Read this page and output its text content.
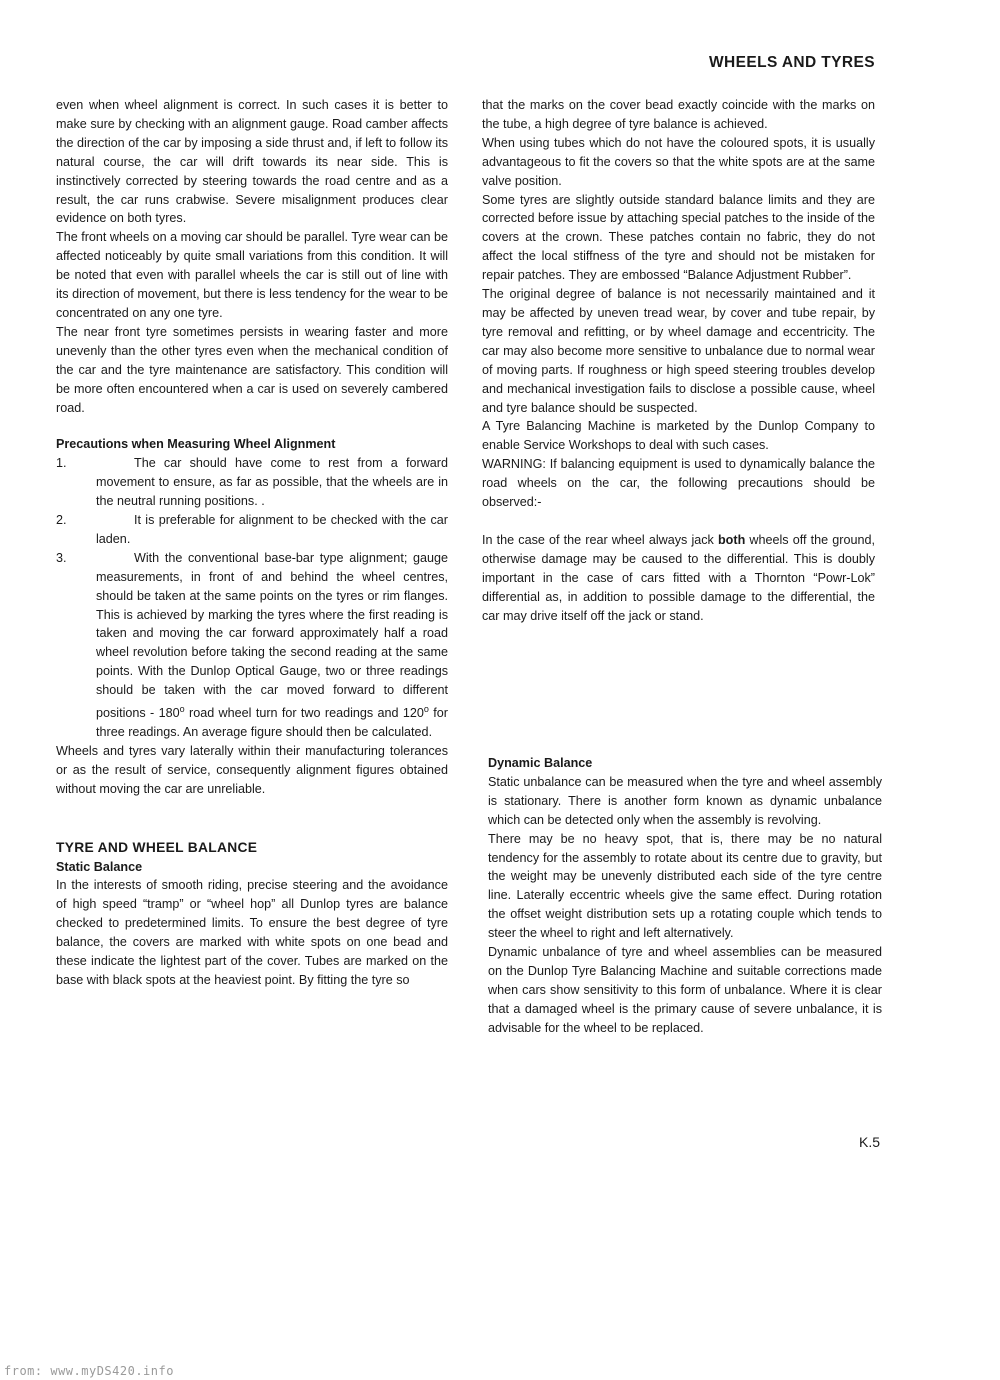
WHEELS AND TYRES

even when wheel alignment is correct. In such cases it is better to make sure by checking with an alignment gauge. Road camber affects the direction of the car by imposing a side thrust and, if left to follow its natural course, the car will drift towards its near side. This is instinctively corrected by steering towards the road centre and as a result, the car runs crabwise. Severe misalignment produces clear evidence on both tyres.

The front wheels on a moving car should be parallel. Tyre wear can be affected noticeably by quite small variations from this condition. It will be noted that even with parallel wheels the car is still out of line with its direction of movement, but there is less tendency for the wear to be concentrated on any one tyre.

The near front tyre sometimes persists in wearing faster and more unevenly than the other tyres even when the mechanical condition of the car and the tyre maintenance are satisfactory. This condition will be more often encountered when a car is used on severely cambered road.

Precautions when Measuring Wheel Alignment
1.	The car should have come to rest from a forward movement to ensure, as far as possible, that the wheels are in the neutral running positions. .
2.	It is preferable for alignment to be checked with the car laden.
3.	With the conventional base-bar type alignment; gauge measurements, in front of and behind the wheel centres, should be taken at the same points on the tyres or rim flanges. This is achieved by marking the tyres where the first reading is taken and moving the car forward approximately half a road wheel revolution before taking the second reading at the same points. With the Dunlop Optical Gauge, two or three readings should be taken with the car moved forward to different positions - 180$^o$ road wheel turn for two readings and 120$^o$ for three readings. An average figure should then be calculated.

Wheels and tyres vary laterally within their manufacturing tolerances or as the result of service, consequently alignment figures obtained without moving the car are unreliable.

TYRE AND WHEEL BALANCE
Static Balance

In the interests of smooth riding, precise steering and the avoidance of high speed “tramp” or “wheel hop” all Dunlop tyres are balance checked to predetermined limits. To ensure the best degree of tyre balance, the covers are marked with white spots on one bead and these indicate the lightest part of the cover. Tubes are marked on the base with black spots at the heaviest point. By fitting the tyre so

that the marks on the cover bead exactly coincide with the marks on the tube, a high degree of tyre balance is achieved.

When using tubes which do not have the coloured spots, it is usually advantageous to fit the covers so that the white spots are at the same valve position.

Some tyres are slightly outside standard balance limits and they are corrected before issue by attaching special patches to the inside of the covers at the crown. These patches contain no fabric, they do not affect the local stiffness of the tyre and should not be mistaken for repair patches. They are embossed “Balance Adjustment Rubber”.

The original degree of balance is not necessarily maintained and it may be affected by uneven tread wear, by cover and tube repair, by tyre removal and refitting, or by wheel damage and eccentricity. The car may also become more sensitive to unbalance due to normal wear of moving parts. If roughness or high speed steering troubles develop and mechanical investigation fails to disclose a possible cause, wheel and tyre balance should be suspected.

A Tyre Balancing Machine is marketed by the Dunlop Company to enable Service Workshops to deal with such cases.

WARNING: If balancing equipment is used to dynamically balance the road wheels on the car, the following precautions should be observed:-

In the case of the rear wheel always jack both wheels off the ground, otherwise damage may be caused to the differential. This is doubly important in the case of cars fitted with a Thornton “Powr-Lok” differential as, in addition to possible damage to the differential, the car may drive itself off the jack or stand.

Dynamic Balance

Static unbalance can be measured when the tyre and wheel assembly is stationary. There is another form known as dynamic unbalance which can be detected only when the assembly is revolving.

There may be no heavy spot, that is, there may be no natural tendency for the assembly to rotate about its centre due to gravity, but the weight may be unevenly distributed each side of the tyre centre line. Laterally eccentric wheels give the same effect. During rotation the offset weight distribution sets up a rotating couple which tends to steer the wheel to right and left alternatively.

Dynamic unbalance of tyre and wheel assemblies can be measured on the Dunlop Tyre Balancing Machine and suitable corrections made when cars show sensitivity to this form of unbalance. Where it is clear that a damaged wheel is the primary cause of severe unbalance, it is advisable for the wheel to be replaced.

K.5
from: www.myDS420.info
